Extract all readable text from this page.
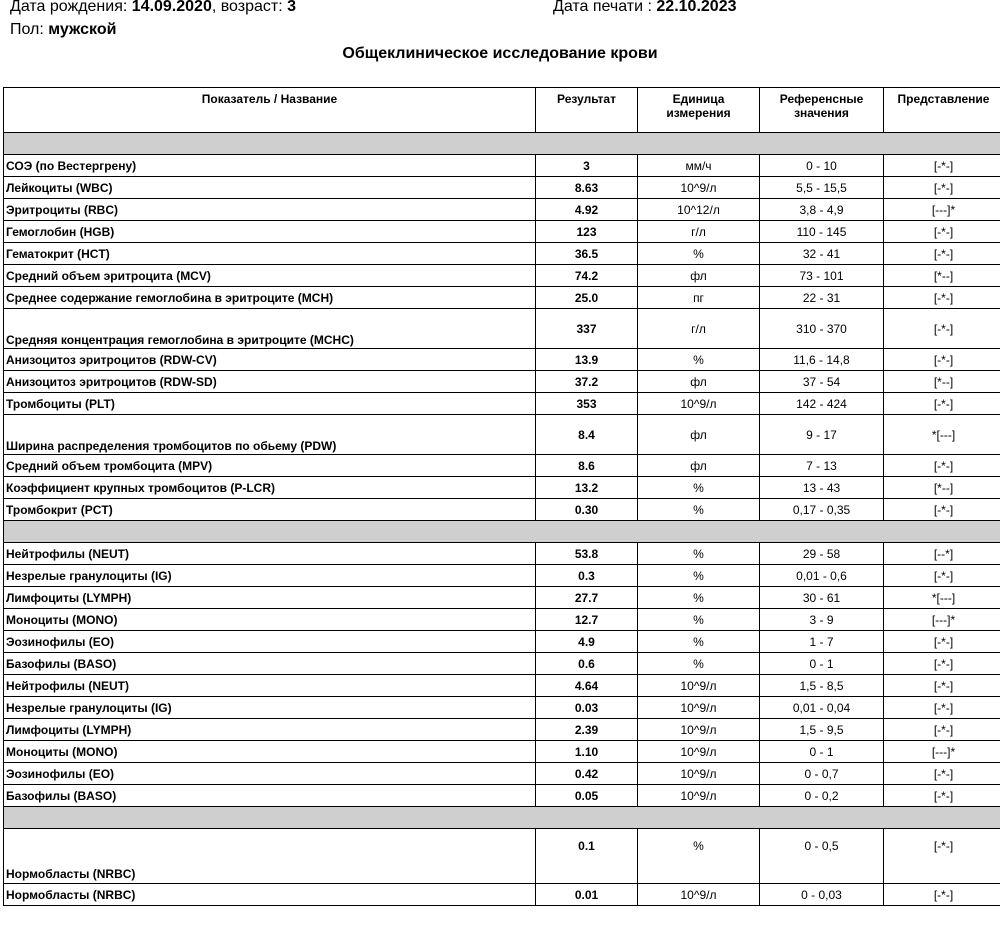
Дата рождения: 14.09.2020, возраст: 3	Дата печати : 22.10.2023
Пол: мужской
Общеклиническое исследование крови
Показатель / Название	Результат	Единица измерения	Референсные значения	Представление

СОЭ (по Вестергрену)	3	мм/ч	0 - 10	[-*-]
Лейкоциты (WBC)	8.63	10^9/л	5,5 - 15,5	[-*-]
Эритроциты (RBC)	4.92	10^12/л	3,8 - 4,9	[---]*
Гемоглобин (HGB)	123	г/л	110 - 145	[-*-]
Гематокрит (HCT)	36.5	%	32 - 41	[-*-]
Средний объем эритроцита (MCV)	74.2	фл	73 - 101	[*--]
Среднее содержание гемоглобина в эритроците (MCH)	25.0	пг	22 - 31	[-*-]
Средняя концентрация гемоглобина в эритроците (MCHC)	337	г/л	310 - 370	[-*-]
Анизоцитоз эритроцитов (RDW-CV)	13.9	%	11,6 - 14,8	[-*-]
Анизоцитоз эритроцитов (RDW-SD)	37.2	фл	37 - 54	[*--]
Тромбоциты (PLT)	353	10^9/л	142 - 424	[-*-]
Ширина распределения тромбоцитов по обьему (PDW)	8.4	фл	9 - 17	*[---]
Средний объем тромбоцита (MPV)	8.6	фл	7 - 13	[-*-]
Коэффициент крупных тромбоцитов (P-LCR)	13.2	%	13 - 43	[*--]
Тромбокрит (PCT)	0.30	%	0,17 - 0,35	[-*-]

Нейтрофилы (NEUT)	53.8	%	29 - 58	[--*]
Незрелые гранулоциты (IG)	0.3	%	0,01 - 0,6	[-*-]
Лимфоциты (LYMPH)	27.7	%	30 - 61	*[---]
Моноциты (MONO)	12.7	%	3 - 9	[---]*
Эозинофилы (EO)	4.9	%	1 - 7	[-*-]
Базофилы (BASO)	0.6	%	0 - 1	[-*-]
Нейтрофилы (NEUT)	4.64	10^9/л	1,5 - 8,5	[-*-]
Незрелые гранулоциты (IG)	0.03	10^9/л	0,01 - 0,04	[-*-]
Лимфоциты (LYMPH)	2.39	10^9/л	1,5 - 9,5	[-*-]
Моноциты (MONO)	1.10	10^9/л	0 - 1	[---]*
Эозинофилы (EO)	0.42	10^9/л	0 - 0,7	[-*-]
Базофилы (BASO)	0.05	10^9/л	0 - 0,2	[-*-]

Нормобласты (NRBC)	0.1	%	0 - 0,5	[-*-]
Нормобласты (NRBC)	0.01	10^9/л	0 - 0,03	[-*-]
